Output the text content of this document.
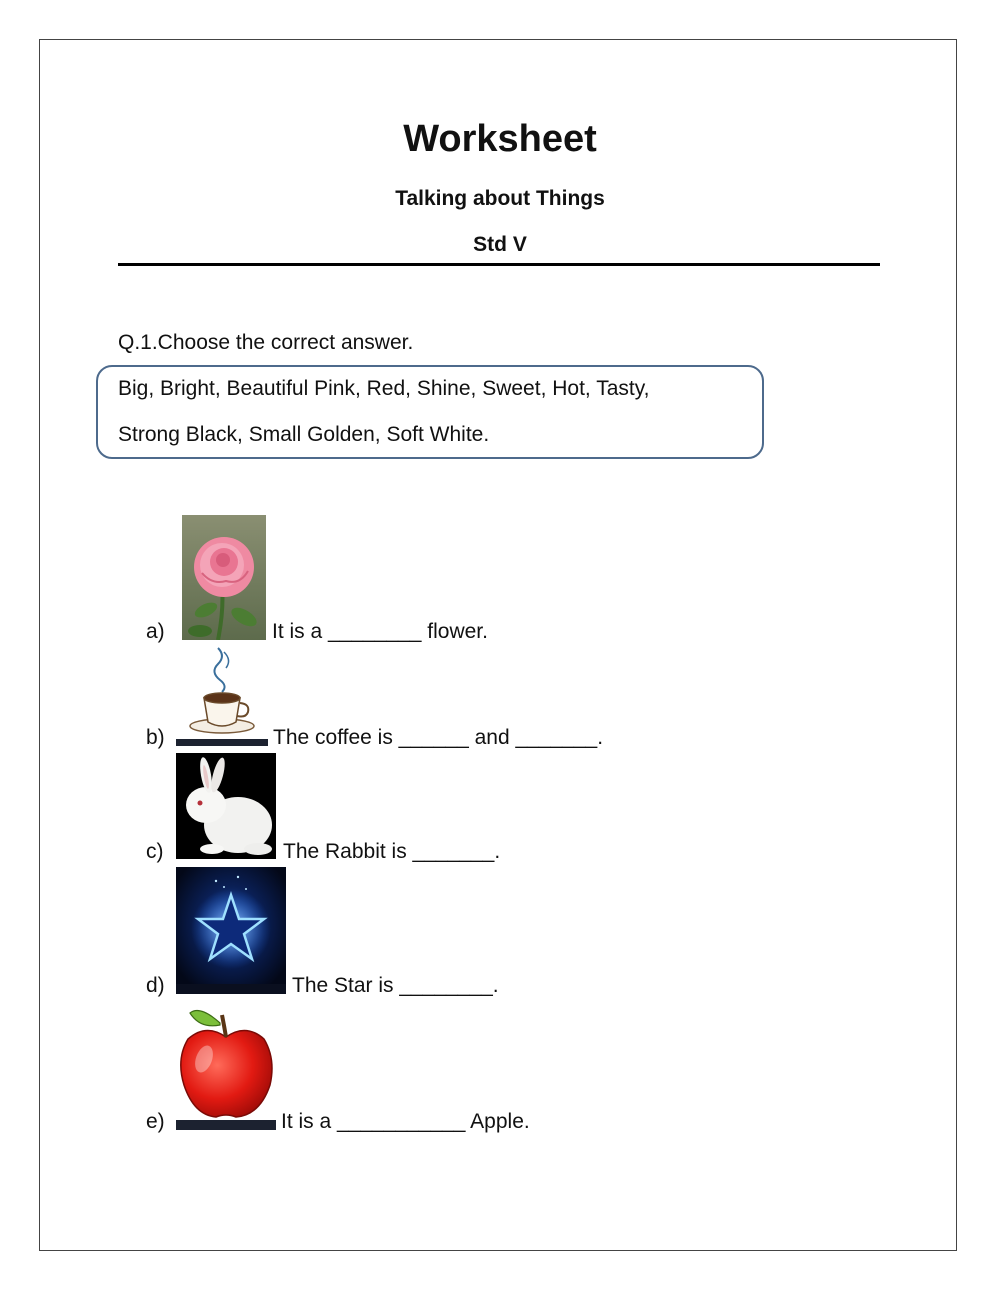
Worksheet
Talking about Things
Std V
Q.1.Choose the correct answer.
Big, Bright, Beautiful Pink, Red, Shine, Sweet, Hot, Tasty,
Strong Black, Small Golden, Soft White.
a)	It is a ________ flower.
b)	The coffee is ______ and _______.
c)	The Rabbit is _______.
d)	The Star is ________.
e)	It is a ___________ Apple.
